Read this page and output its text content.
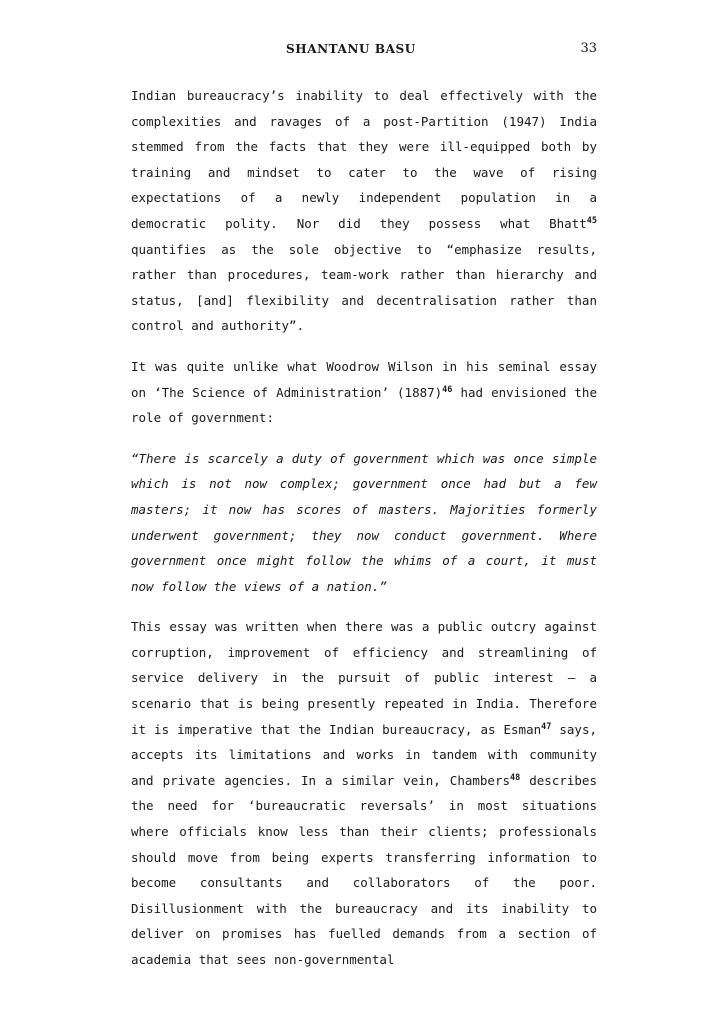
SHANTANU BASU	33

Indian bureaucracy’s inability to deal effectively with the complexities and ravages of a post-Partition (1947) India stemmed from the facts that they were ill-equipped both by training and mindset to cater to the wave of rising expectations of a newly independent population in a democratic polity. Nor did they possess what Bhatt$^{45}$ quantifies as the sole objective to “emphasize results, rather than procedures, team-work rather than hierarchy and status, [and] flexibility and decentralisation rather than control and authority”.

It was quite unlike what Woodrow Wilson in his seminal essay on ‘The Science of Administration’ $(1887)^{46}$ had envisioned the role of government:

“There is scarcely a duty of government which was once simple which is not now complex; government once had but a few masters; it now has scores of masters. Majorities formerly underwent government; they now conduct government. Where government once might follow the whims of a court, it must now follow the views of a nation.”

This essay was written when there was a public outcry against corruption, improvement of efficiency and streamlining of service delivery in the pursuit of public interest – a scenario that is being presently repeated in India. Therefore it is imperative that the Indian bureaucracy, as Esman$^{47}$ says, accepts its limitations and works in tandem with community and private agencies. In a similar vein, Chambers$^{48}$ describes the need for ‘bureaucratic reversals’ in most situations where officials know less than their clients; professionals should move from being experts transferring information to become consultants and collaborators of the poor. Disillusionment with the bureaucracy and its inability to deliver on promises has fuelled demands from a section of academia that sees non-governmental
